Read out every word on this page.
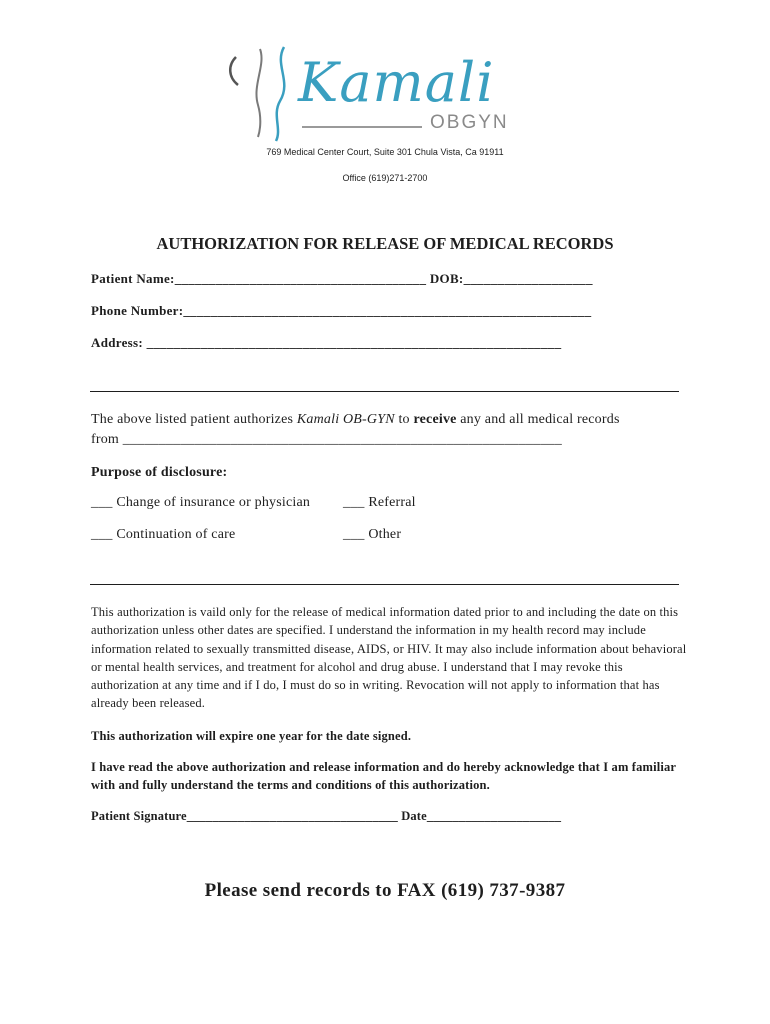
Kamali
OBGYN
769 Medical Center Court, Suite 301 Chula Vista, Ca 91911
Office (619)271-2700
AUTHORIZATION FOR RELEASE OF MEDICAL RECORDS
Patient Name:_____________________________________ DOB:___________________
Phone Number:____________________________________________________________
Address: _____________________________________________________________
The above listed patient authorizes Kamali OB-GYN to receive any and all medical records
from _____________________________________________________________
Purpose of disclosure:
___ Change of insurance or physician ___ Referral
___ Continuation of care	___ Other
This authorization is vaild only for the release of medical information dated prior to and including the date on this authorization unless other dates are specified. I understand the information in my health record may include information related to sexually transmitted disease, AIDS, or HIV. It may also include information about behavioral or mental health services, and treatment for alcohol and drug abuse. I understand that I may revoke this authorization at any time and if I do, I must do so in writing. Revocation will not apply to information that has already been released.
This authorization will expire one year for the date signed.
I have read the above authorization and release information and do hereby acknowledge that I am familiar with and fully understand the terms and conditions of this authorization.
Patient Signature_________________________________ Date_____________________
Please send records to FAX (619) 737-9387
